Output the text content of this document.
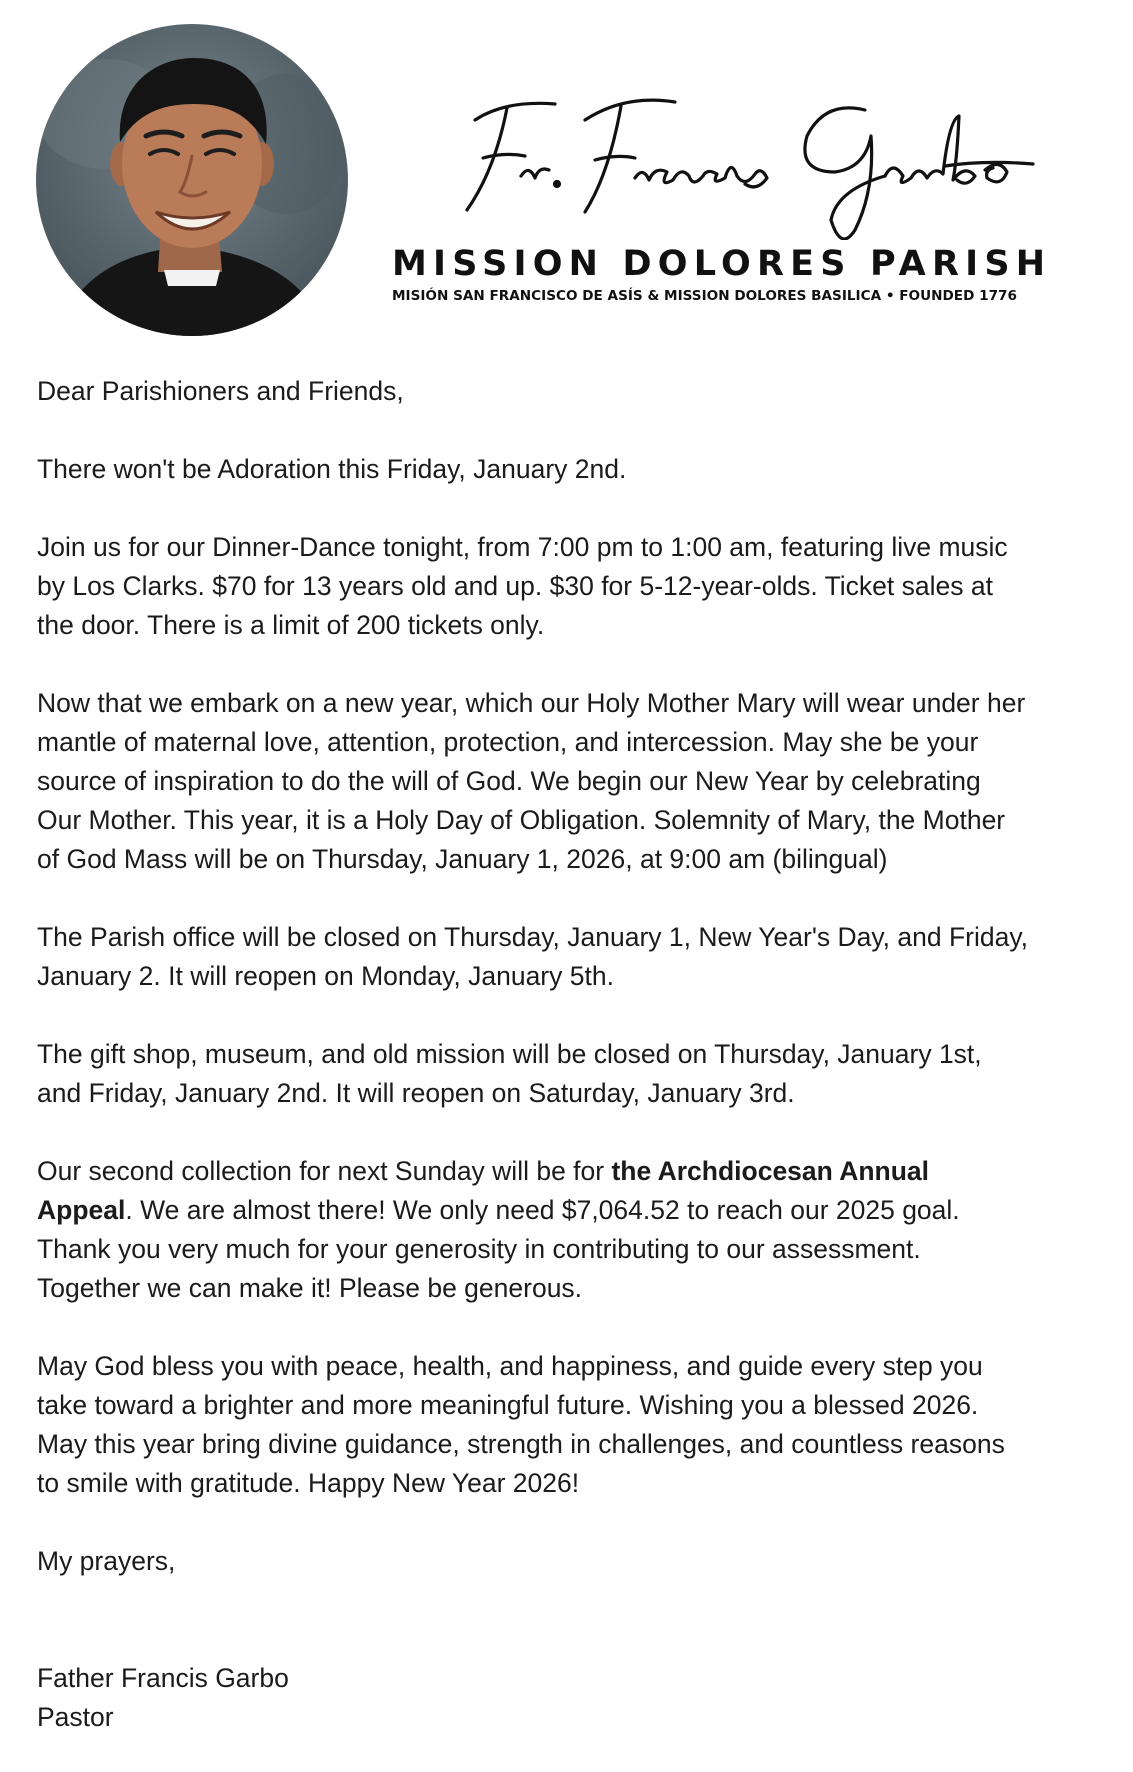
MISSION DOLORES PARISH
MISIÓN SAN FRANCISCO DE ASÍS & MISSION DOLORES BASILICA • FOUNDED 1776

Dear Parishioners and Friends,

There won't be Adoration this Friday, January 2nd.

Join us for our Dinner-Dance tonight, from 7:00 pm to 1:00 am, featuring live music
by Los Clarks. $70 for 13 years old and up. $30 for 5-12-year-olds. Ticket sales at
the door. There is a limit of 200 tickets only.

Now that we embark on a new year, which our Holy Mother Mary will wear under her
mantle of maternal love, attention, protection, and intercession. May she be your
source of inspiration to do the will of God. We begin our New Year by celebrating
Our Mother. This year, it is a Holy Day of Obligation. Solemnity of Mary, the Mother
of God Mass will be on Thursday, January 1, 2026, at 9:00 am (bilingual)

The Parish office will be closed on Thursday, January 1, New Year's Day, and Friday,
January 2. It will reopen on Monday, January 5th.

The gift shop, museum, and old mission will be closed on Thursday, January 1st,
and Friday, January 2nd. It will reopen on Saturday, January 3rd.

Our second collection for next Sunday will be for the Archdiocesan Annual
Appeal. We are almost there! We only need $7,064.52 to reach our 2025 goal.
Thank you very much for your generosity in contributing to our assessment.
Together we can make it! Please be generous.

May God bless you with peace, health, and happiness, and guide every step you
take toward a brighter and more meaningful future. Wishing you a blessed 2026.
May this year bring divine guidance, strength in challenges, and countless reasons
to smile with gratitude. Happy New Year 2026!

My prayers,

Father Francis Garbo

Pastor
